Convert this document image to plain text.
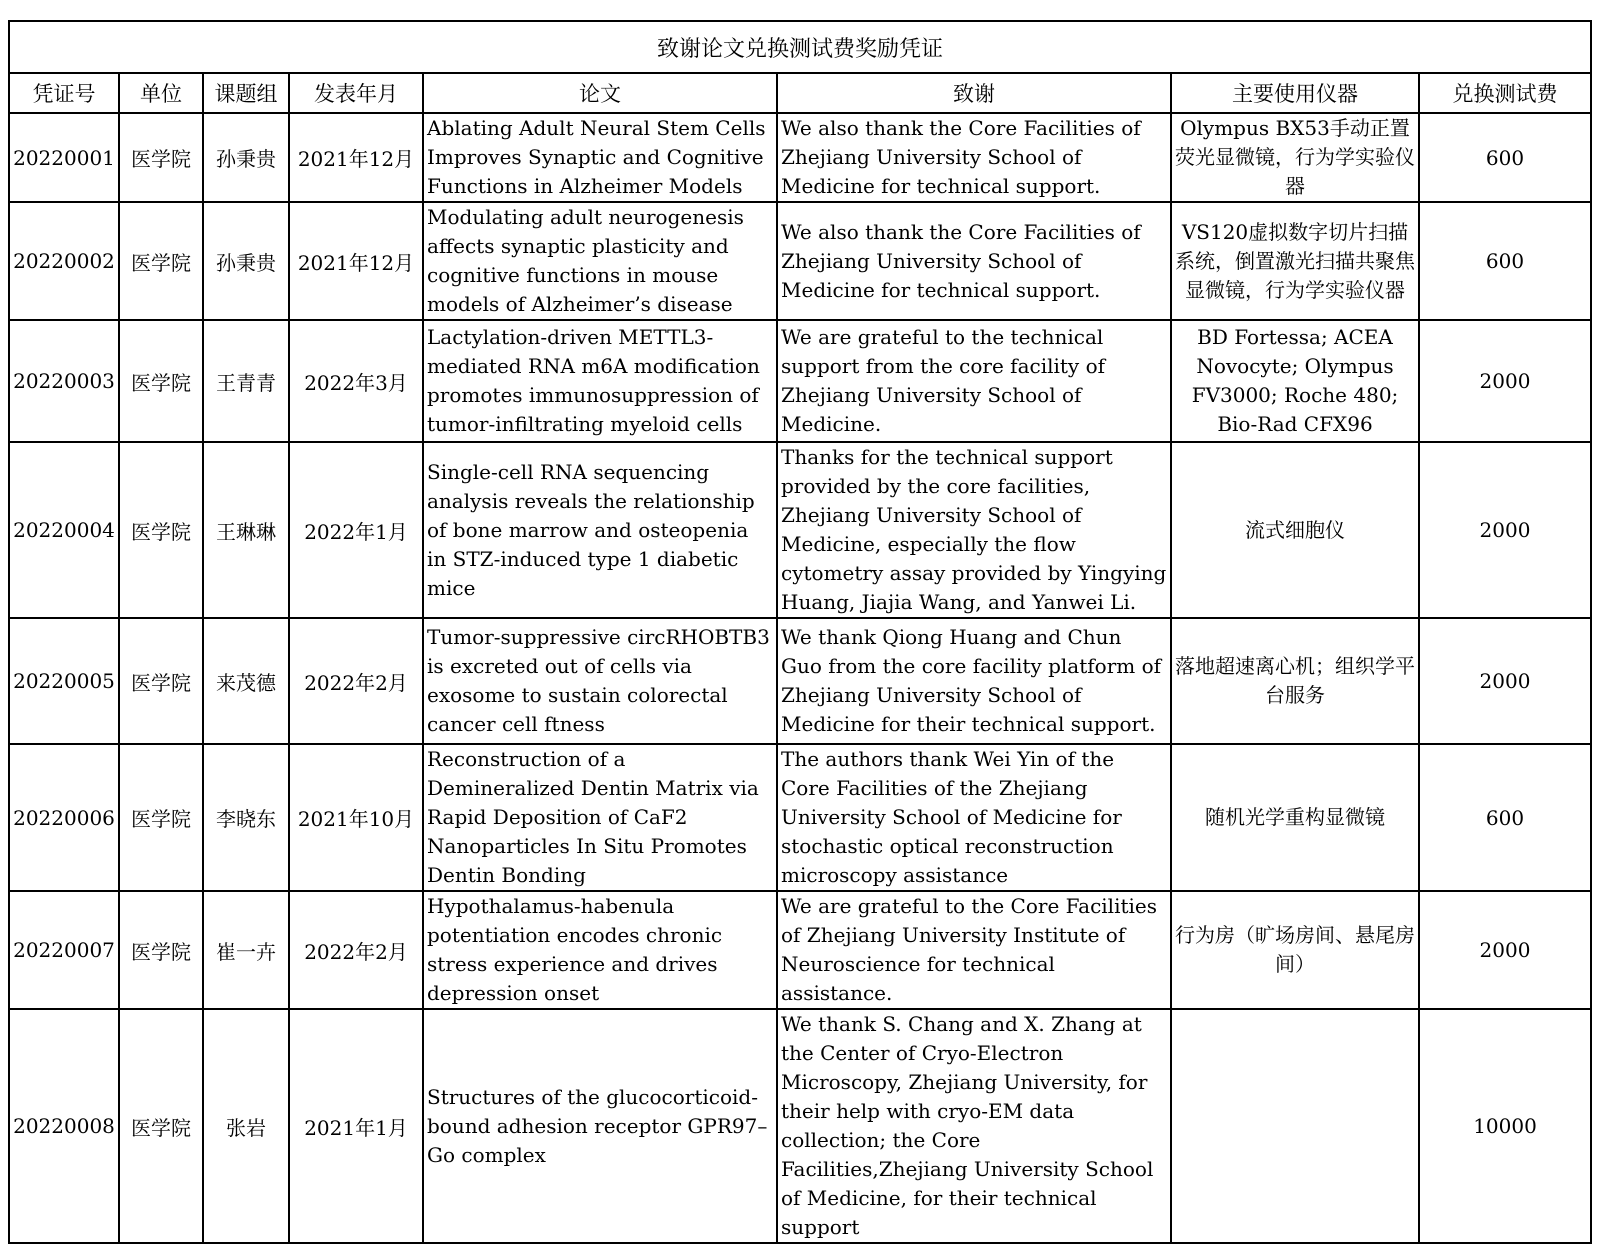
致谢论文兑换测试费奖励凭证							
凭证号	单位	课题组	发表年月	论文	致谢	主要使用仪器	兑换测试费
20220001	医学院	孙秉贵	2021年12月	Ablating Adult Neural Stem Cells Improves Synaptic and Cognitive Functions in Alzheimer Models	We also thank the Core Facilities of Zhejiang University School of Medicine for technical support.	Olympus BX53手动正置荧光显微镜，行为学实验仪器	600
20220002	医学院	孙秉贵	2021年12月	Modulating adult neurogenesis affects synaptic plasticity and cognitive functions in mouse models of Alzheimer’s disease	We also thank the Core Facilities of Zhejiang University School of Medicine for technical support.	VS120虚拟数字切片扫描系统，倒置激光扫描共聚焦显微镜，行为学实验仪器	600
20220003	医学院	王青青	2022年3月	Lactylation-driven METTL3-mediated RNA m6A modification promotes immunosuppression of tumor-infiltrating myeloid cells	We are grateful to the technical support from the core facility of Zhejiang University School of Medicine.	BD Fortessa; ACEA Novocyte; Olympus FV3000; Roche 480; Bio-Rad CFX96	2000
20220004	医学院	王琳琳	2022年1月	Single-cell RNA sequencing analysis reveals the relationship of bone marrow and osteopenia in STZ-induced type 1 diabetic mice	Thanks for the technical support provided by the core facilities, Zhejiang University School of Medicine, especially the flow cytometry assay provided by Yingying Huang, Jiajia Wang, and Yanwei Li.	流式细胞仪	2000
20220005	医学院	来茂德	2022年2月	Tumor-suppressive circRHOBTB3 is excreted out of cells via exosome to sustain colorectal cancer cell ftness	We thank Qiong Huang and Chun Guo from the core facility platform of Zhejiang University School of Medicine for their technical support.	落地超速离心机；组织学平台服务	2000
20220006	医学院	李晓东	2021年10月	Reconstruction of a Demineralized Dentin Matrix via Rapid Deposition of CaF2 Nanoparticles In Situ Promotes Dentin Bonding	The authors thank Wei Yin of the Core Facilities of the Zhejiang University School of Medicine for stochastic optical reconstruction microscopy assistance	随机光学重构显微镜	600
20220007	医学院	崔一卉	2022年2月	Hypothalamus-habenula potentiation encodes chronic stress experience and drives depression onset	We are grateful to the Core Facilities of Zhejiang University Institute of Neuroscience for technical assistance.	行为房（旷场房间、悬尾房间）	2000
20220008	医学院	张岩	2021年1月	Structures of the glucocorticoid-bound adhesion receptor GPR97–Go complex	We thank S. Chang and X. Zhang at the Center of Cryo-Electron Microscopy, Zhejiang University, for their help with cryo-EM data collection; the Core Facilities,Zhejiang University School of Medicine, for their technical support		10000
